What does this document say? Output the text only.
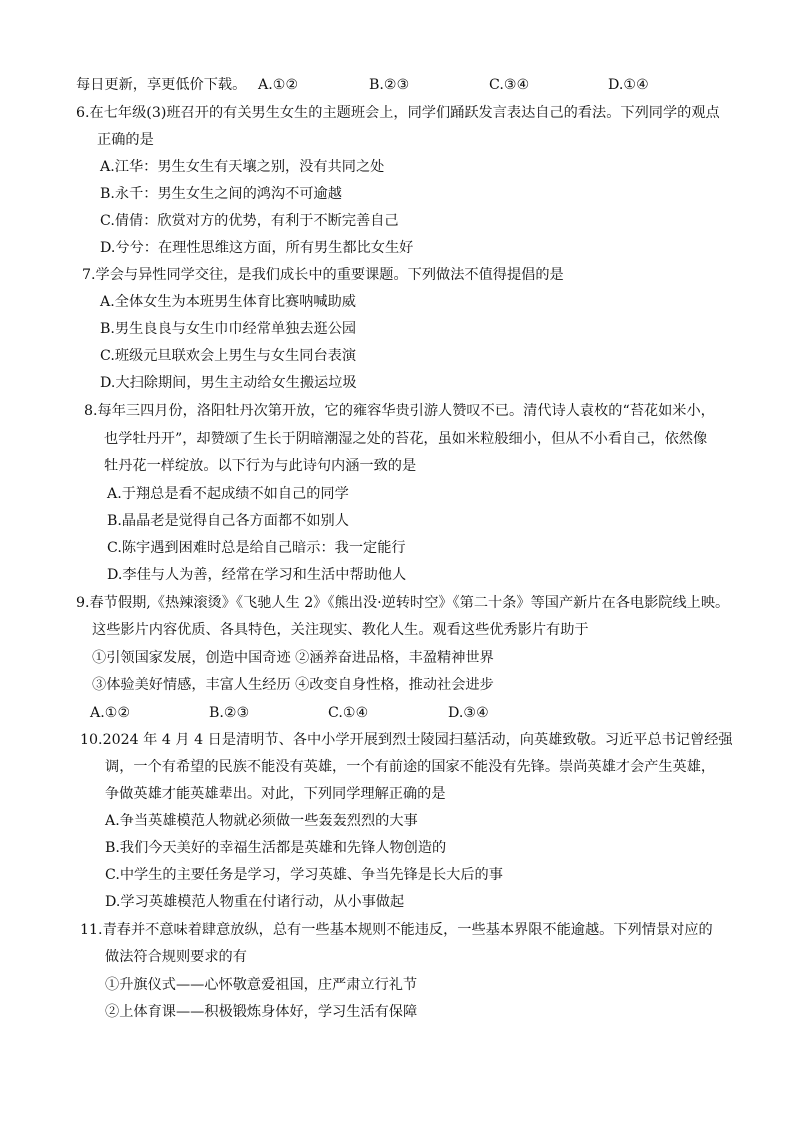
每日更新，享更低价下载。 A.①②	B.②③	C.③④	D.①④
6.在七年级(3)班召开的有关男生女生的主题班会上，同学们踊跃发言表达自己的看法。下列同学的观点
正确的是
A.江华：男生女生有天壤之别，没有共同之处
B.永千：男生女生之间的鸿沟不可逾越
C.倩倩：欣赏对方的优势，有利于不断完善自己
D.兮兮：在理性思维这方面，所有男生都比女生好
7.学会与异性同学交往，是我们成长中的重要课题。下列做法不值得提倡的是
A.全体女生为本班男生体育比赛呐喊助威
B.男生良良与女生巾巾经常单独去逛公园
C.班级元旦联欢会上男生与女生同台表演
D.大扫除期间，男生主动给女生搬运垃圾
8.每年三四月份，洛阳牡丹次第开放，它的雍容华贵引游人赞叹不已。清代诗人袁枚的“苔花如米小，
也学牡丹开”，却赞颂了生长于阴暗潮湿之处的苔花，虽如米粒般细小，但从不小看自己，依然像
牡丹花一样绽放。以下行为与此诗句内涵一致的是
A.于翔总是看不起成绩不如自己的同学
B.晶晶老是觉得自己各方面都不如别人
C.陈宇遇到困难时总是给自己暗示：我一定能行
D.李佳与人为善，经常在学习和生活中帮助他人
9.春节假期,《热辣滚烫》《飞驰人生 2》《熊出没·逆转时空》《第二十条》等国产新片在各电影院线上映。
这些影片内容优质、各具特色，关注现实、教化人生。观看这些优秀影片有助于
①引领国家发展，创造中国奇迹 ②涵养奋进品格，丰盈精神世界
③体验美好情感，丰富人生经历 ④改变自身性格，推动社会进步
A.①②	B.②③	C.①④	D.③④
10.2024 年 4 月 4 日是清明节、各中小学开展到烈士陵园扫墓活动，向英雄致敬。习近平总书记曾经强
调，一个有希望的民族不能没有英雄，一个有前途的国家不能没有先锋。崇尚英雄才会产生英雄，
争做英雄才能英雄辈出。对此，下列同学理解正确的是
A.争当英雄模范人物就必须做一些轰轰烈烈的大事
B.我们今天美好的幸福生活都是英雄和先锋人物创造的
C.中学生的主要任务是学习，学习英雄、争当先锋是长大后的事
D.学习英雄模范人物重在付诸行动，从小事做起
11.青春并不意味着肆意放纵，总有一些基本规则不能违反，一些基本界限不能逾越。下列情景对应的
做法符合规则要求的有
①升旗仪式——心怀敬意爱祖国，庄严肃立行礼节
②上体育课——积极锻炼身体好，学习生活有保障
